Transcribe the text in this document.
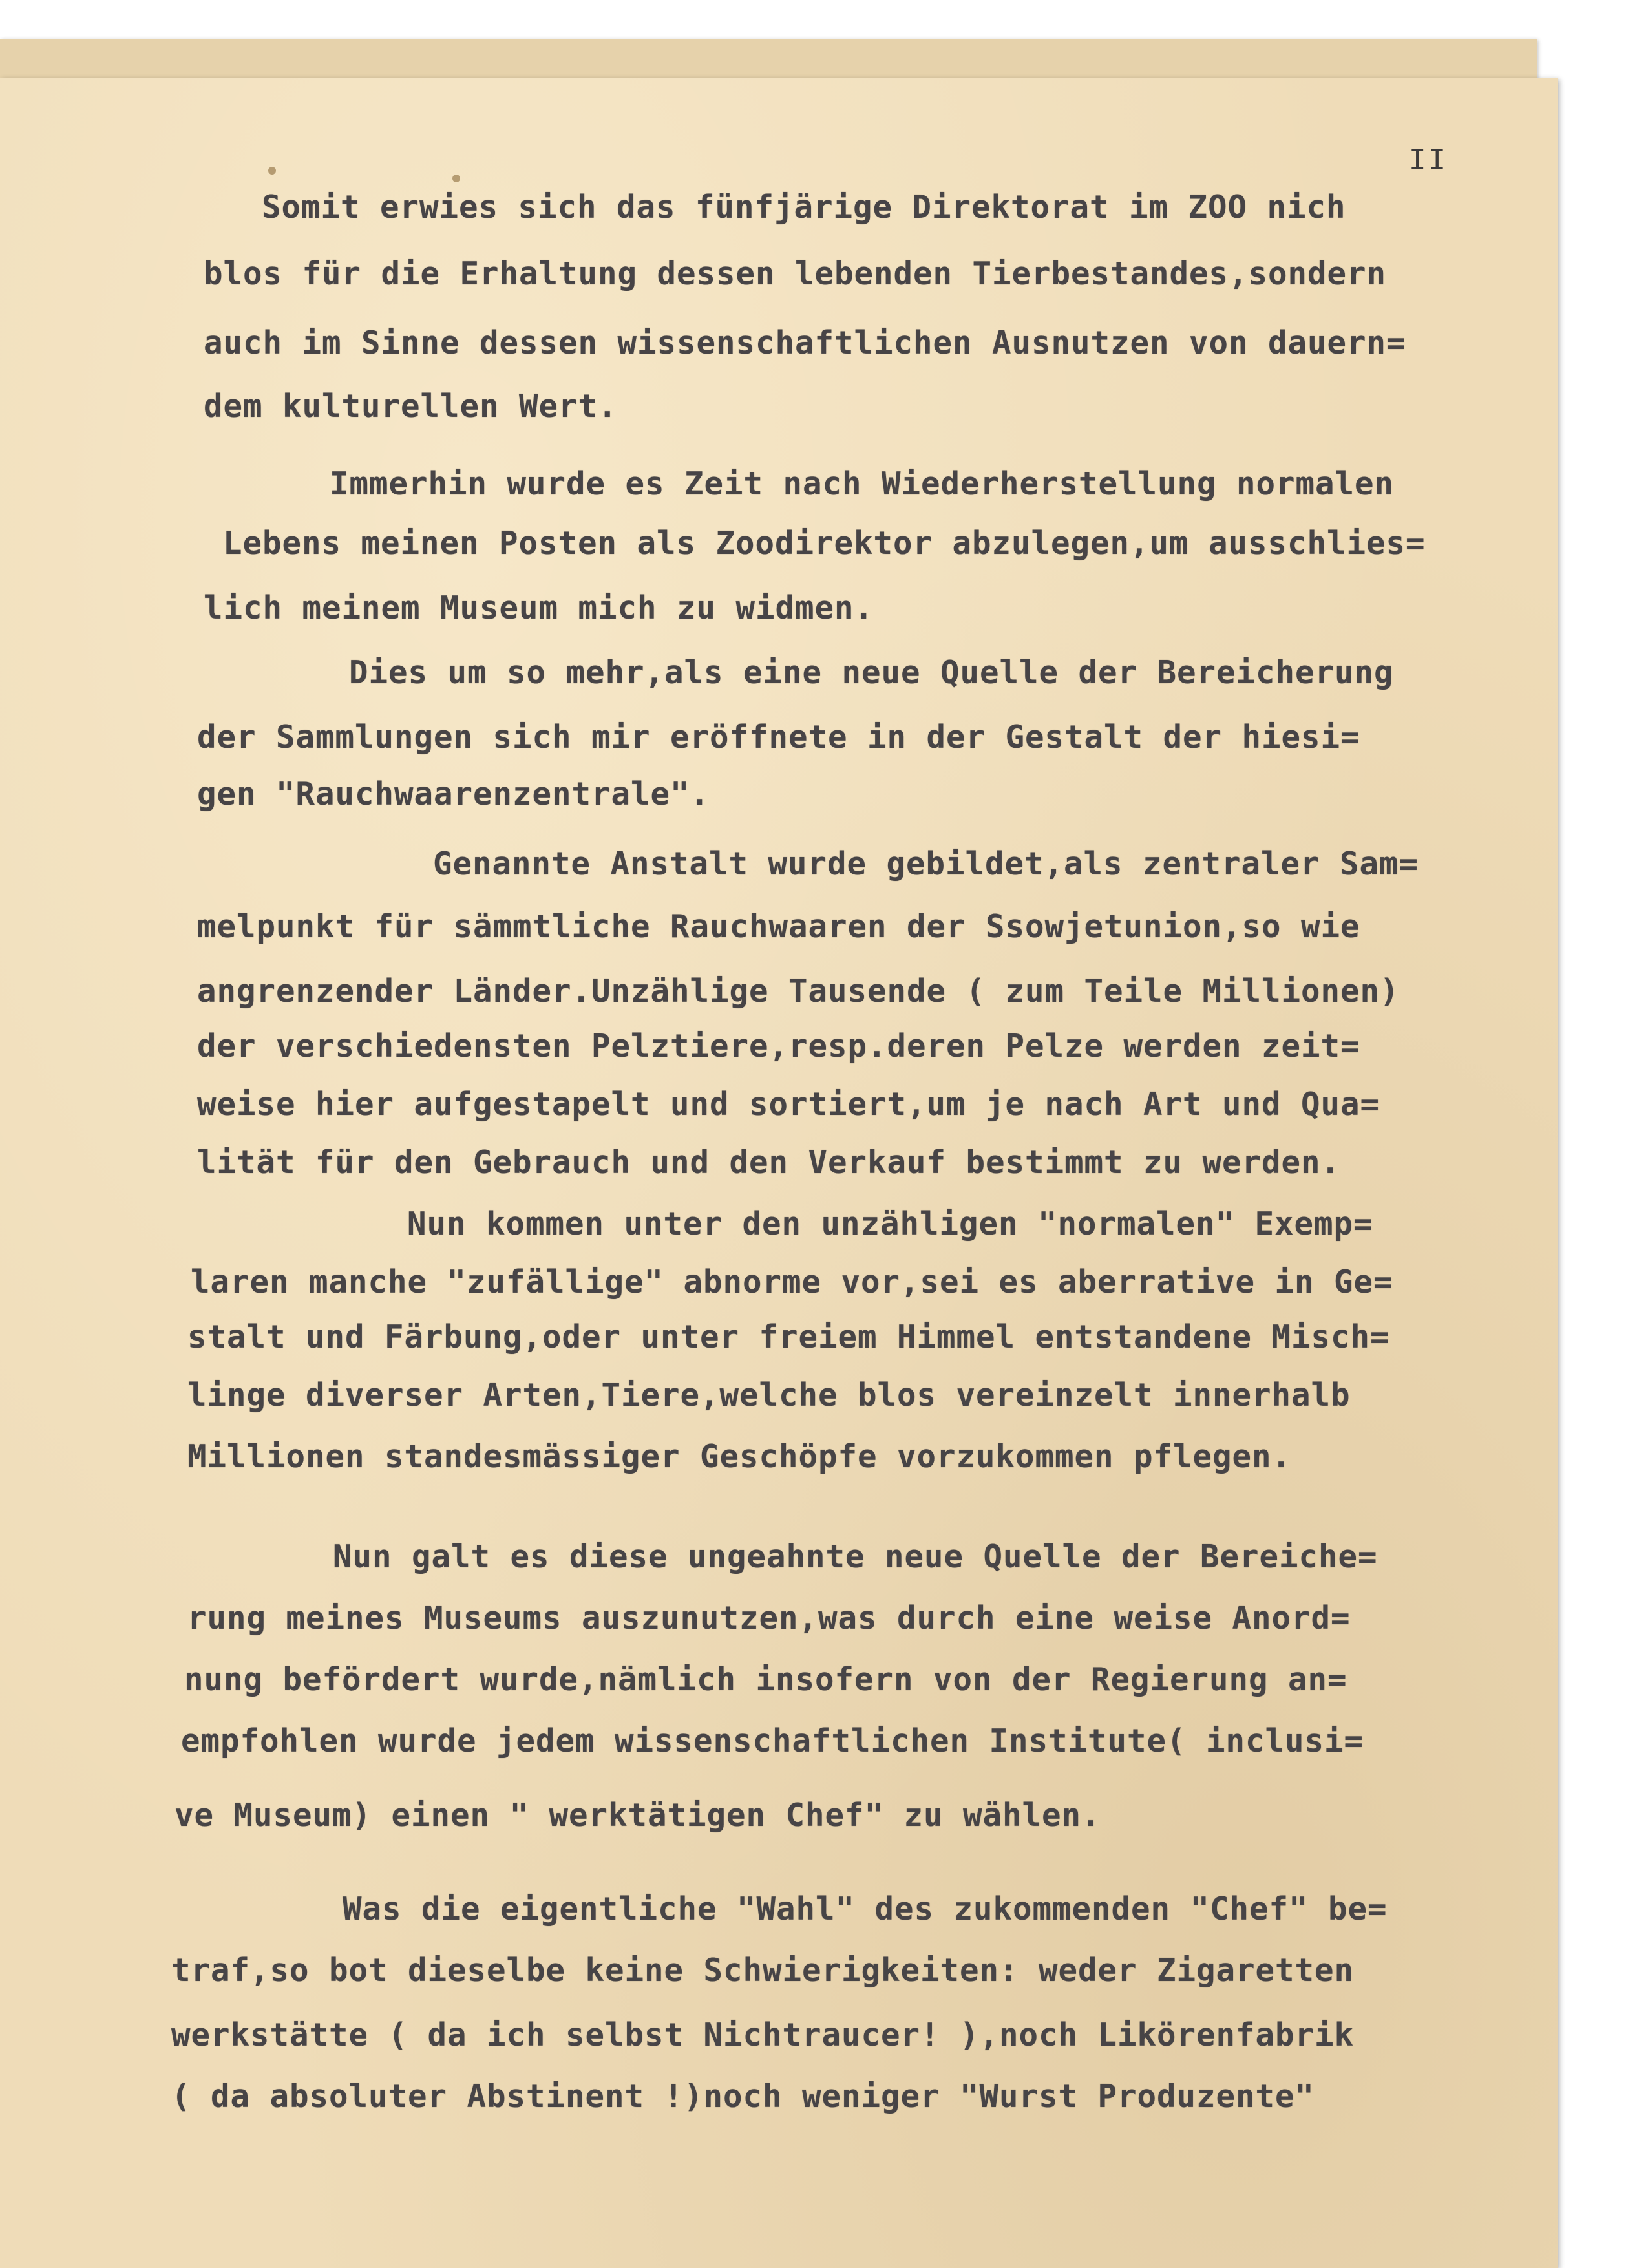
II
Somit erwies sich das fünfjärige Direktorat im ZOO nich
blos für die Erhaltung dessen lebenden Tierbestandes,sondern
auch im Sinne dessen wissenschaftlichen Ausnutzen von dauern=
dem kulturellen Wert.
Immerhin wurde es Zeit nach Wiederherstellung normalen
Lebens meinen Posten als Zoodirektor abzulegen,um ausschlies=
lich meinem Museum mich zu widmen.
Dies um so mehr,als eine neue Quelle der Bereicherung
der Sammlungen sich mir eröffnete in der Gestalt der hiesi=
gen "Rauchwaarenzentrale".
Genannte Anstalt wurde gebildet,als zentraler Sam=
melpunkt für sämmtliche Rauchwaaren der Ssowjetunion,so wie
angrenzender Länder.Unzählige Tausende ( zum Teile Millionen)
der verschiedensten Pelztiere,resp.deren Pelze werden zeit=
weise hier aufgestapelt und sortiert,um je nach Art und Qua=
lität für den Gebrauch und den Verkauf bestimmt zu werden.
Nun kommen unter den unzähligen "normalen" Exemp=
laren manche "zufällige" abnorme vor,sei es aberrative in Ge=
stalt und Färbung,oder unter freiem Himmel entstandene Misch=
linge diverser Arten,Tiere,welche blos vereinzelt innerhalb
Millionen standesmässiger Geschöpfe vorzukommen pflegen.
Nun galt es diese ungeahnte neue Quelle der Bereiche=
rung meines Museums auszunutzen,was durch eine weise Anord=
nung befördert wurde,nämlich insofern von der Regierung an=
empfohlen wurde jedem wissenschaftlichen Institute( inclusi=
ve Museum) einen " werktätigen Chef" zu wählen.
Was die eigentliche "Wahl" des zukommenden "Chef" be=
traf,so bot dieselbe keine Schwierigkeiten: weder Zigaretten
werkstätte ( da ich selbst Nichtraucer! ),noch Likörenfabrik
( da absoluter Abstinent !)noch weniger "Wurst Produzente"
